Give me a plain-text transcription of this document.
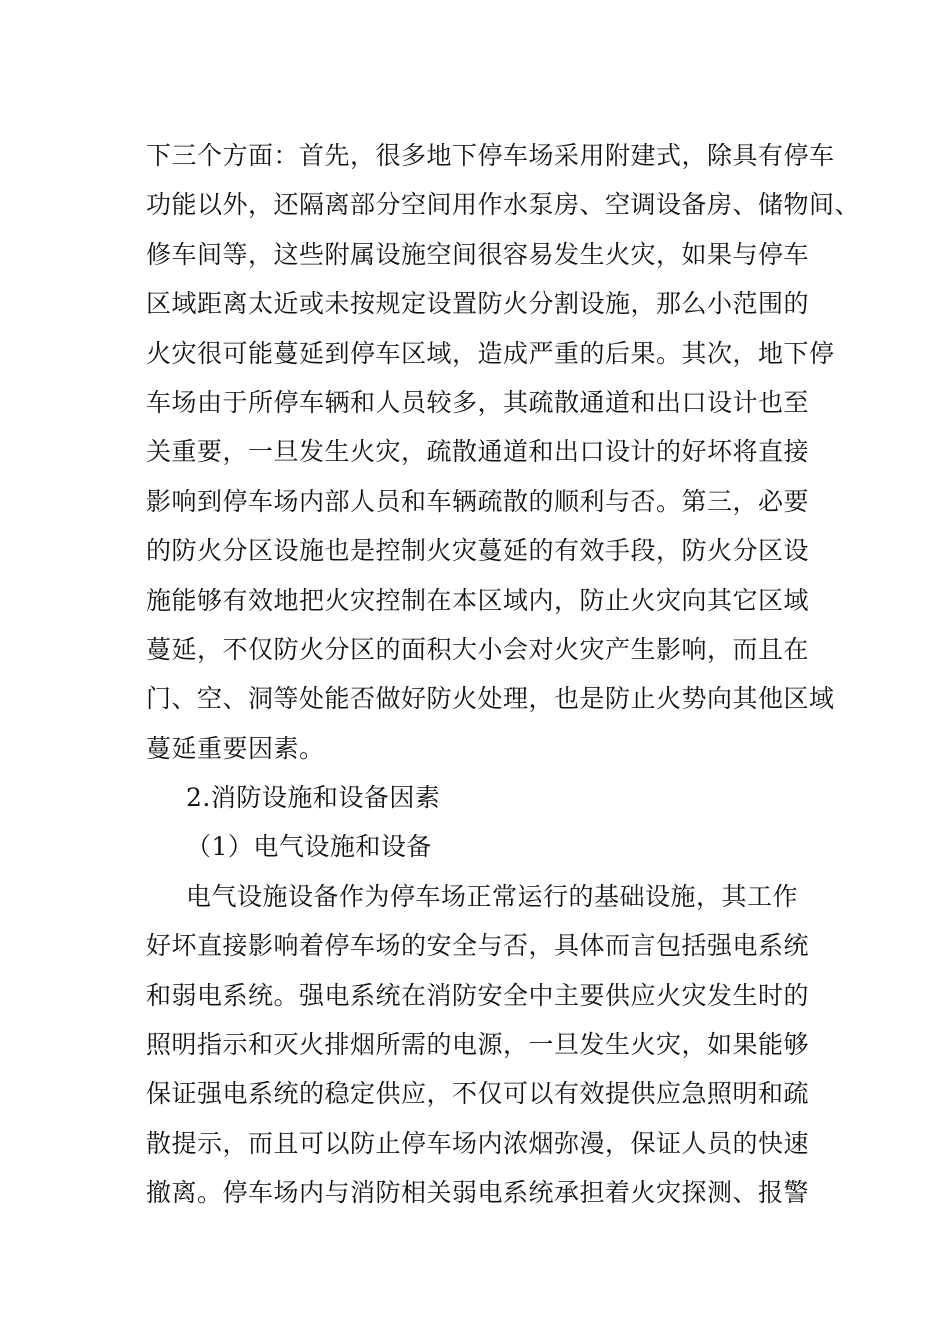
下三个方面：首先，很多地下停车场采用附建式，除具有停车
功能以外，还隔离部分空间用作水泵房、空调设备房、储物间、
修车间等，这些附属设施空间很容易发生火灾，如果与停车
区域距离太近或未按规定设置防火分割设施，那么小范围的
火灾很可能蔓延到停车区域，造成严重的后果。其次，地下停
车场由于所停车辆和人员较多，其疏散通道和出口设计也至
关重要，一旦发生火灾，疏散通道和出口设计的好坏将直接
影响到停车场内部人员和车辆疏散的顺利与否。第三，必要
的防火分区设施也是控制火灾蔓延的有效手段，防火分区设
施能够有效地把火灾控制在本区域内，防止火灾向其它区域
蔓延，不仅防火分区的面积大小会对火灾产生影响，而且在
门、空、洞等处能否做好防火处理，也是防止火势向其他区域
蔓延重要因素。
2.消防设施和设备因素
（1）电气设施和设备
电气设施设备作为停车场正常运行的基础设施，其工作
好坏直接影响着停车场的安全与否，具体而言包括强电系统
和弱电系统。强电系统在消防安全中主要供应火灾发生时的
照明指示和灭火排烟所需的电源，一旦发生火灾，如果能够
保证强电系统的稳定供应，不仅可以有效提供应急照明和疏
散提示，而且可以防止停车场内浓烟弥漫，保证人员的快速
撤离。停车场内与消防相关弱电系统承担着火灾探测、报警
